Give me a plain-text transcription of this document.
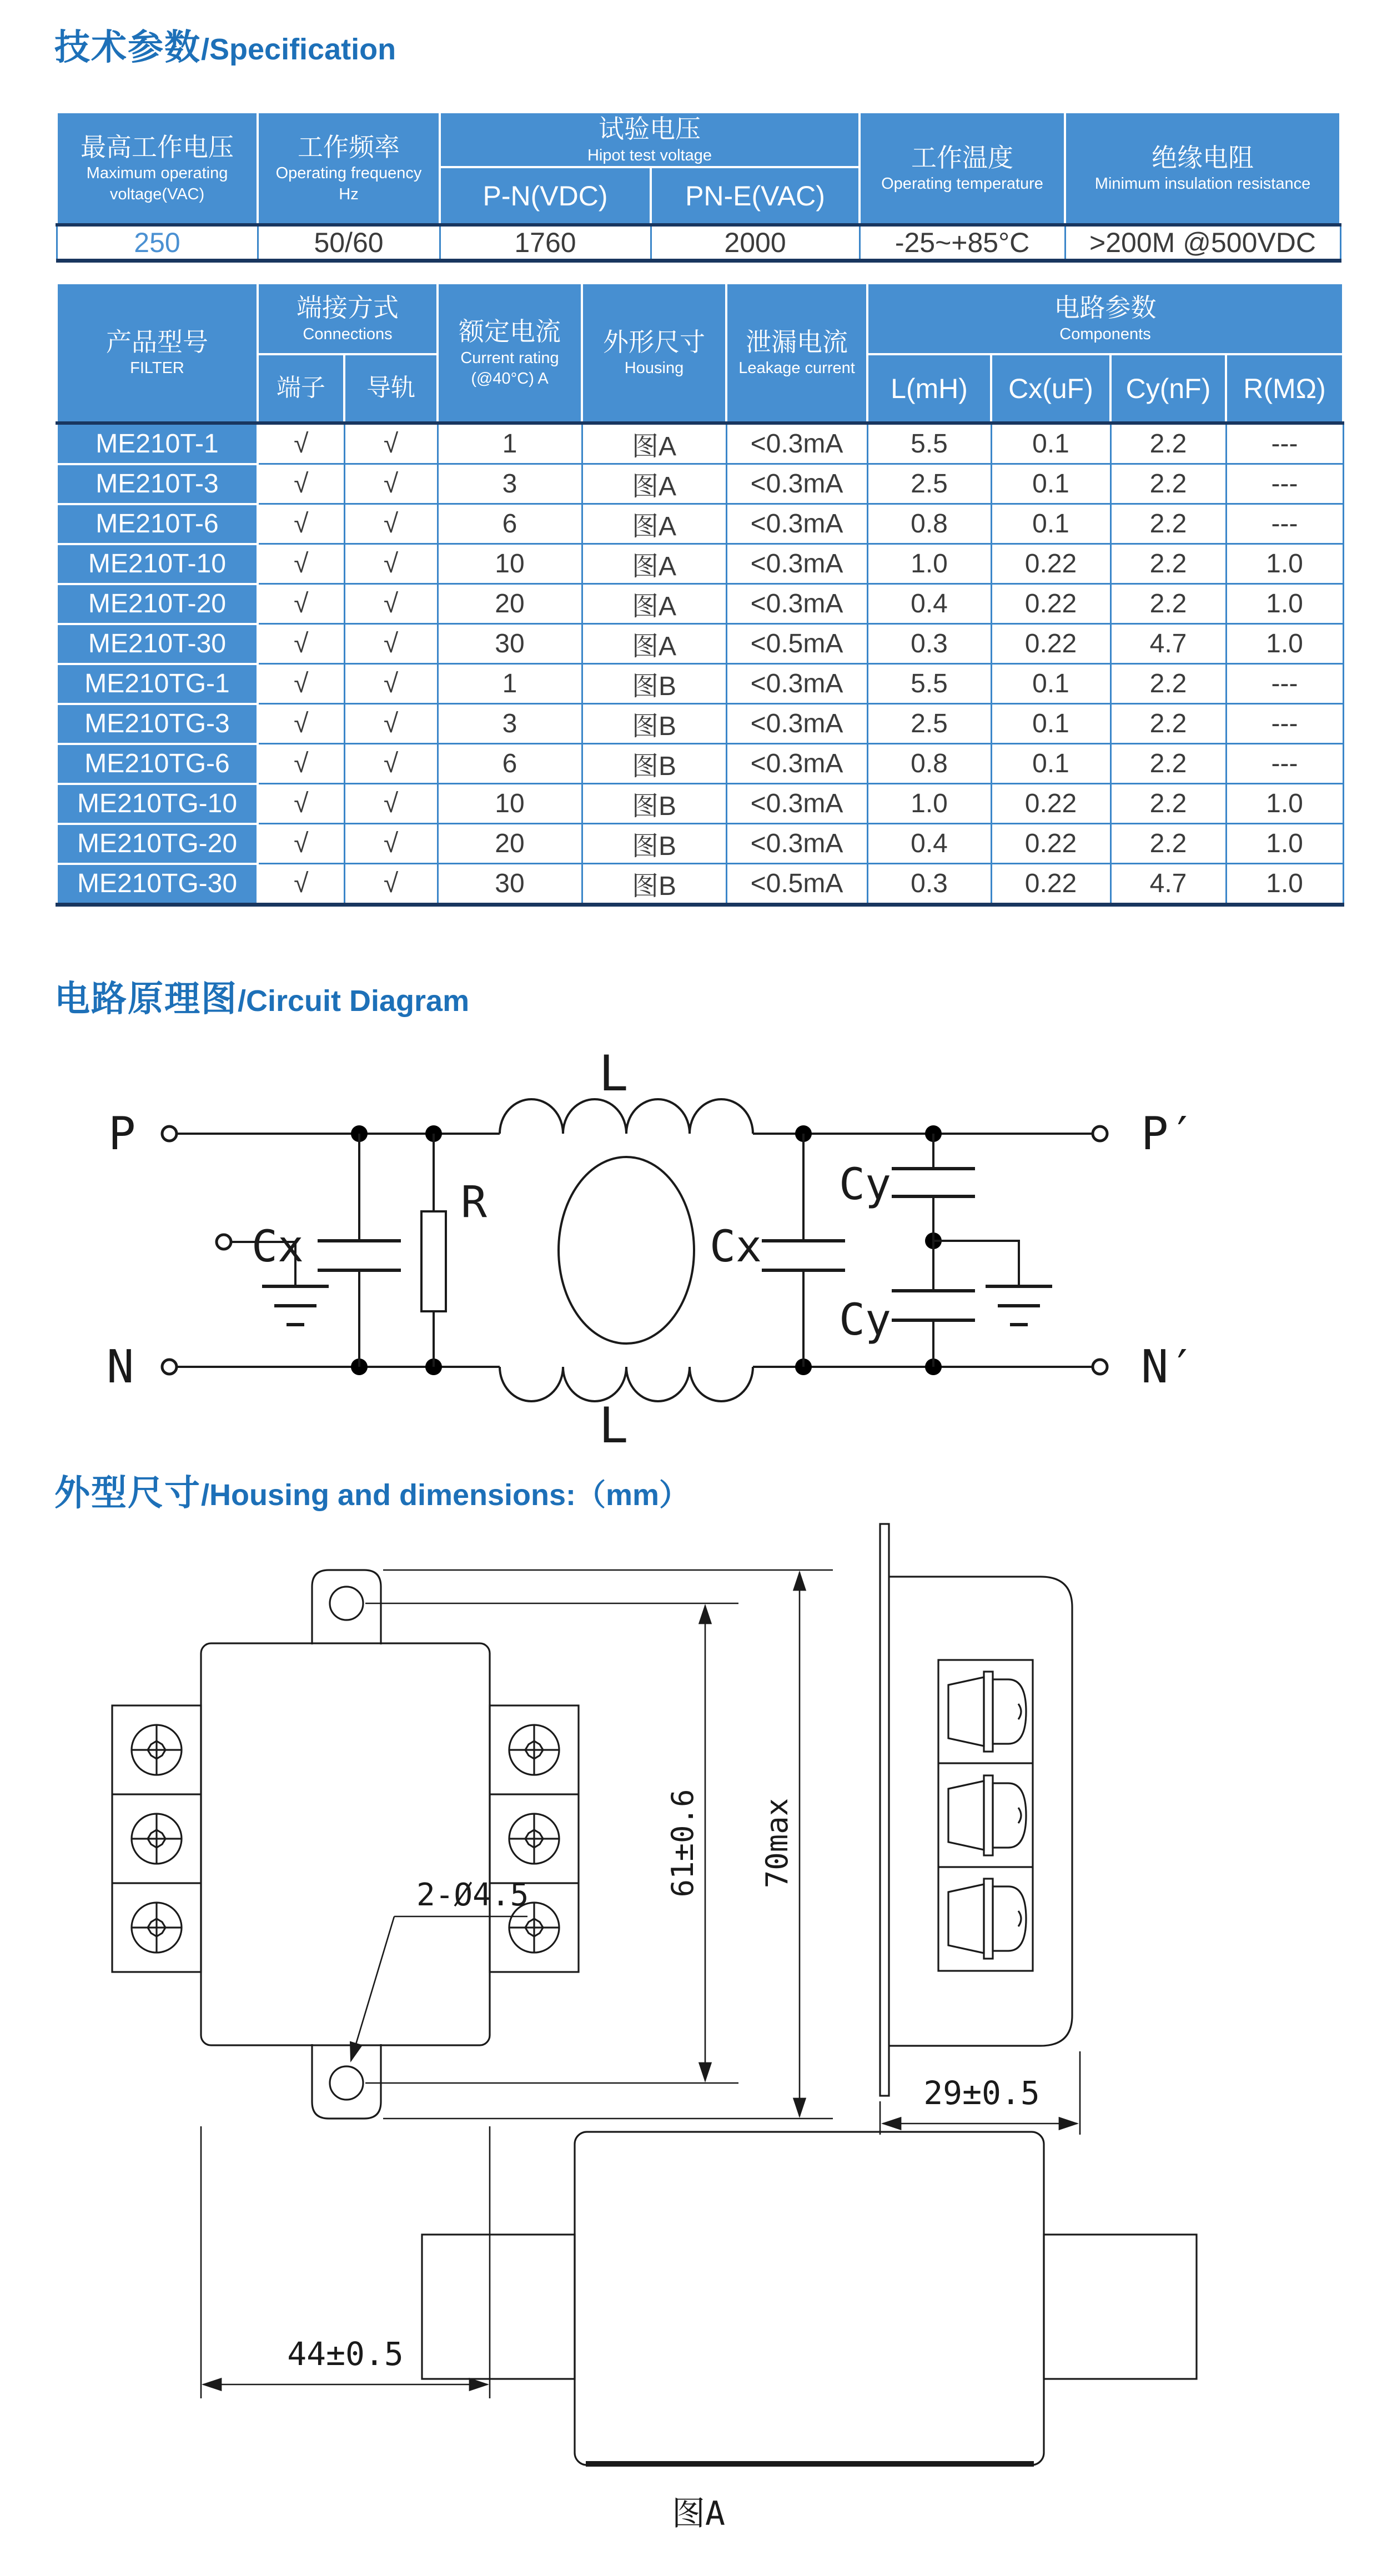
技术参数/Specification
最高工作电压
Maximum operating
voltage(VAC)	工作频率
Operating frequency
Hz	试验电压
Hipot test voltage		工作温度
Operating temperature	绝缘电阻
Minimum insulation resistance

		P-N(VDC)	PN-E(VAC)		
250	50/60	1760	2000	-25~+85°C	>200M @500VDC
产品型号
FILTER	端接方式
Connections		额定电流
Current rating
(@40°C) A	外形尺寸
Housing	泄漏电流
Leakage current	电路参数
Components			

	端子	导轨				L(mH)	Cx(uF)	Cy(nF)	R(MΩ)
ME210T-1	√	√	1	图A	<0.3mA	5.5	0.1	2.2	---
ME210T-3	√	√	3	图A	<0.3mA	2.5	0.1	2.2	---
ME210T-6	√	√	6	图A	<0.3mA	0.8	0.1	2.2	---
ME210T-10	√	√	10	图A	<0.3mA	1.0	0.22	2.2	1.0
ME210T-20	√	√	20	图A	<0.3mA	0.4	0.22	2.2	1.0
ME210T-30	√	√	30	图A	<0.5mA	0.3	0.22	4.7	1.0
ME210TG-1	√	√	1	图B	<0.3mA	5.5	0.1	2.2	---
ME210TG-3	√	√	3	图B	<0.3mA	2.5	0.1	2.2	---
ME210TG-6	√	√	6	图B	<0.3mA	0.8	0.1	2.2	---
ME210TG-10	√	√	10	图B	<0.3mA	1.0	0.22	2.2	1.0
ME210TG-20	√	√	20	图B	<0.3mA	0.4	0.22	2.2	1.0
ME210TG-30	√	√	30	图B	<0.5mA	0.3	0.22	4.7	1.0
电路原理图/Circuit Diagram
P
N
Cx
R
L
L
Cx
Cy
Cy
P′
N′
外型尺寸/Housing and dimensions:（mm）
2-Ø4.5	61±0.6 70max
44±0.5
29±0.5
图A
